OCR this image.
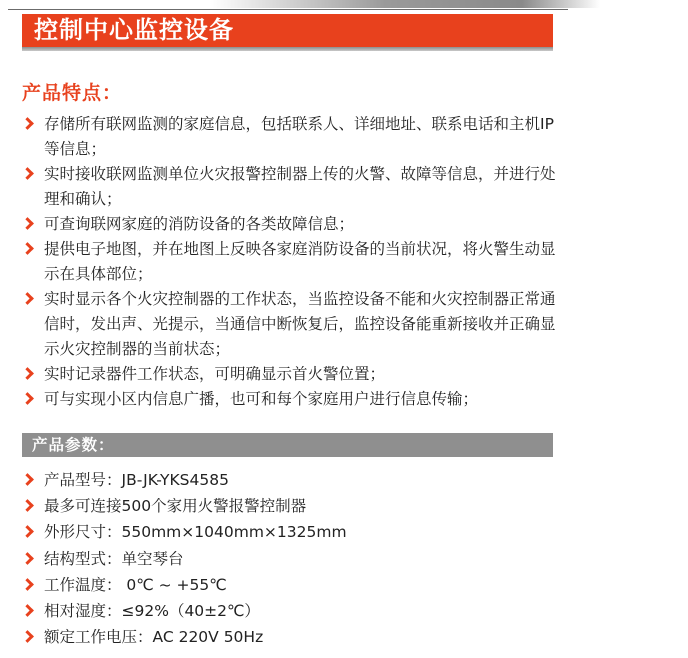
控制中心监控设备
产品特点：
存储所有联网监测的家庭信息，包括联系人、详细地址、联系电话和主机IP等信息；
实时接收联网监测单位火灾报警控制器上传的火警、故障等信息，并进行处理和确认；
可查询联网家庭的消防设备的各类故障信息；
提供电子地图，并在地图上反映各家庭消防设备的当前状况，将火警生动显示在具体部位；
实时显示各个火灾控制器的工作状态，当监控设备不能和火灾控制器正常通信时，发出声、光提示，当通信中断恢复后，监控设备能重新接收并正确显示火灾控制器的当前状态；
实时记录器件工作状态，可明确显示首火警位置；
可与实现小区内信息广播，也可和每个家庭用户进行信息传输；
产品参数：
产品型号：JB-JK-YKS4585
最多可连接500个家用火警报警控制器
外形尺寸：550mm×1040mm×1325mm
结构型式：单空琴台
工作温度： 0℃ ~ +55℃
相对湿度：≤92%（40±2℃）
额定工作电压：AC 220V 50Hz
